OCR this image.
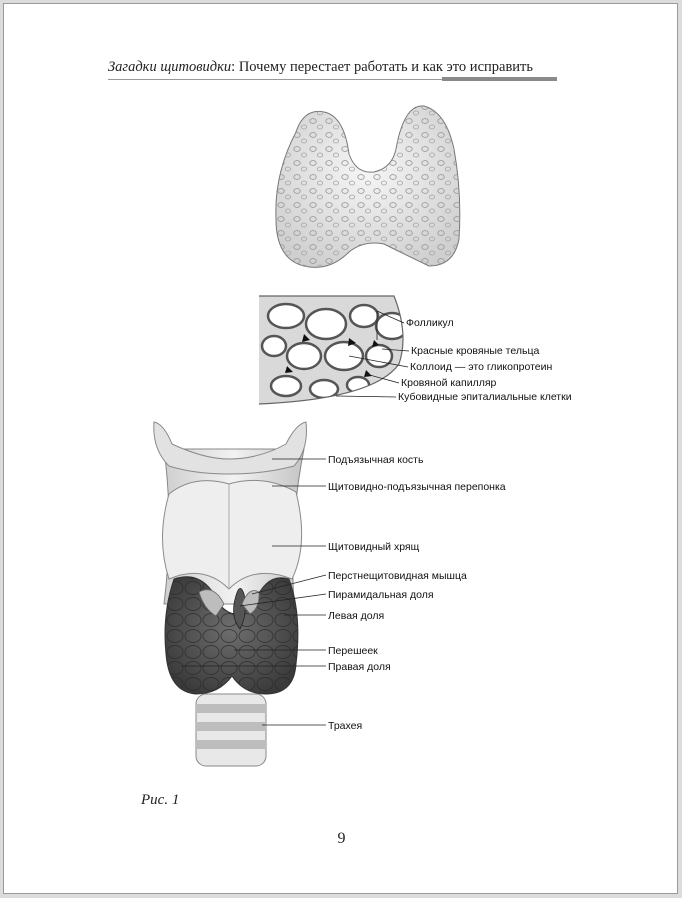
Загадки щитовидки: Почему перестает работать и как это исправить
Фолликул
Красные кровяные тельца
Коллоид — это гликопротеин
Кровяной капилляр
Кубовидные эпиталиальные клетки
Подъязычная кость
Щитовидно-подъязычная перепонка
Щитовидный хрящ
Перстнещитовидная мышца
Пирамидальная доля
Левая доля
Перешеек
Правая доля
Трахея
Рис. 1
9
